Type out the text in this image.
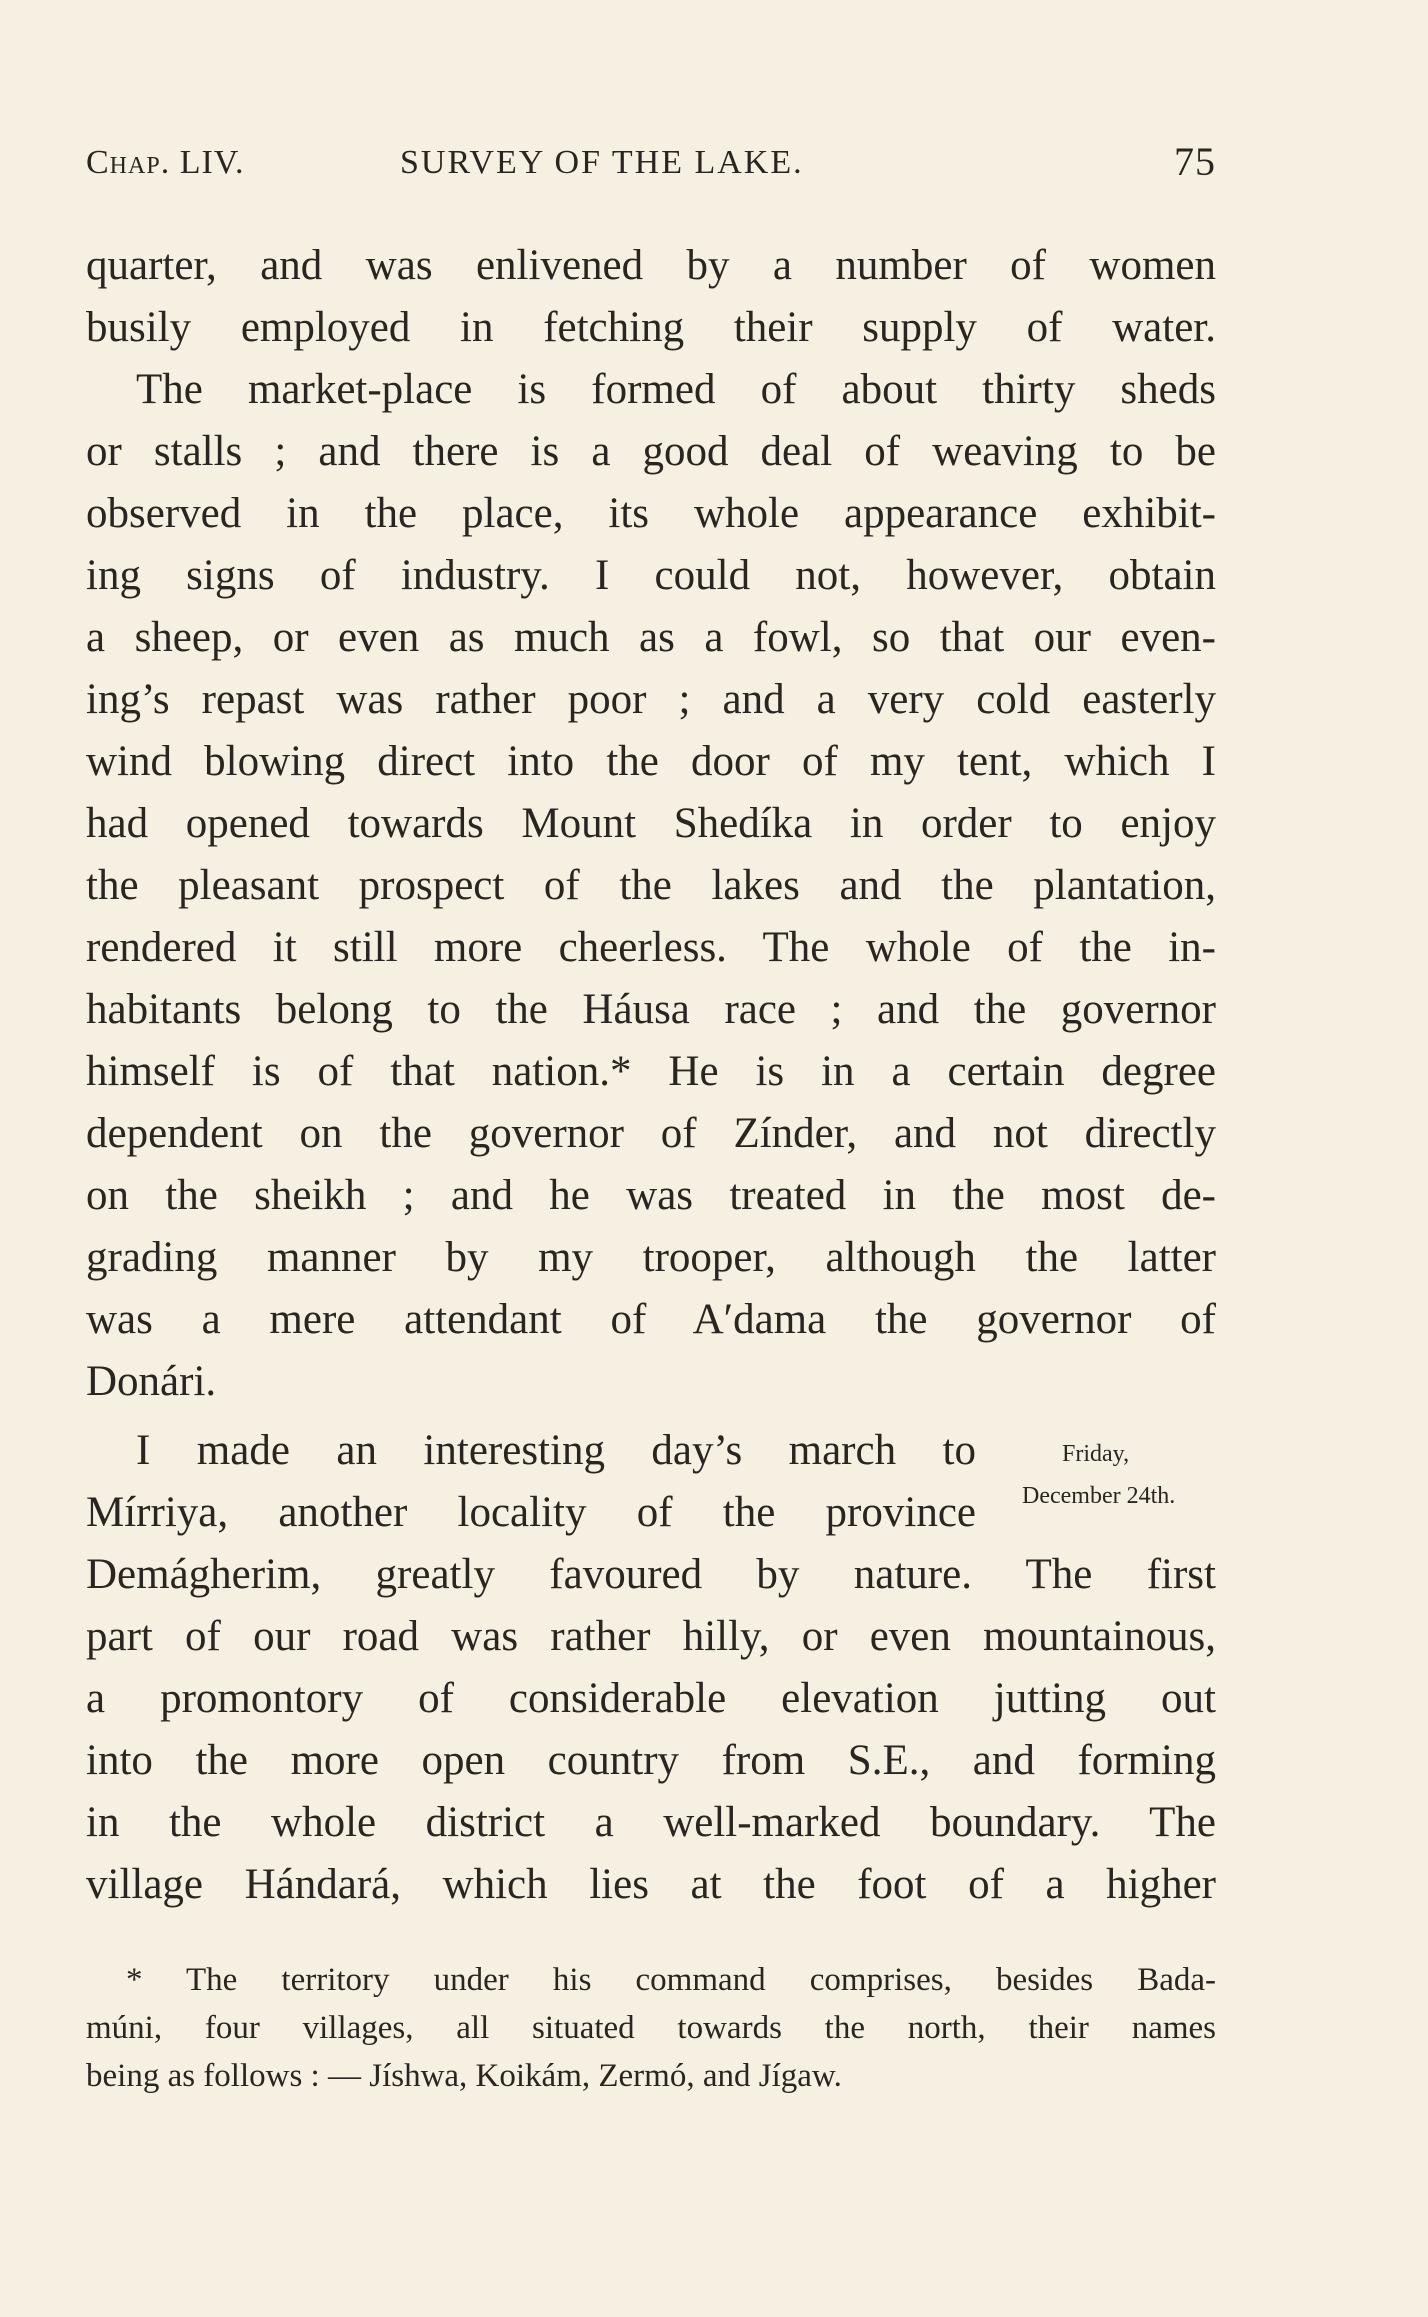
Chap. LIV.	SURVEY OF THE LAKE.	75
quarter, and was enlivened by a number of women
busily employed in fetching their supply of water.
The market-place is formed of about thirty sheds
or stalls ; and there is a good deal of weaving to be
observed in the place, its whole appearance exhibit-
ing signs of industry. I could not, however, obtain
a sheep, or even as much as a fowl, so that our even-
ing’s repast was rather poor ; and a very cold easterly
wind blowing direct into the door of my tent, which I
had opened towards Mount Shedíka in order to enjoy
the pleasant prospect of the lakes and the plantation,
rendered it still more cheerless. The whole of the in-
habitants belong to the Háusa race ; and the governor
himself is of that nation.* He is in a certain degree
dependent on the governor of Zínder, and not directly
on the sheikh ; and he was treated in the most de-
grading manner by my trooper, although the latter
was a mere attendant of A′dama the governor of
Donári.
I made an interesting day’s march to
Mírriya, another locality of the province
Demágherim, greatly favoured by nature. The first
part of our road was rather hilly, or even mountainous,
a promontory of considerable elevation jutting out
into the more open country from S.E., and forming
in the whole district a well-marked boundary. The
village Hándará, which lies at the foot of a higher
Friday,
December 24th.
* The territory under his command comprises, besides Bada-
múni, four villages, all situated towards the north, their names
being as follows : — Jíshwa, Koikám, Zermó, and Jígaw.
